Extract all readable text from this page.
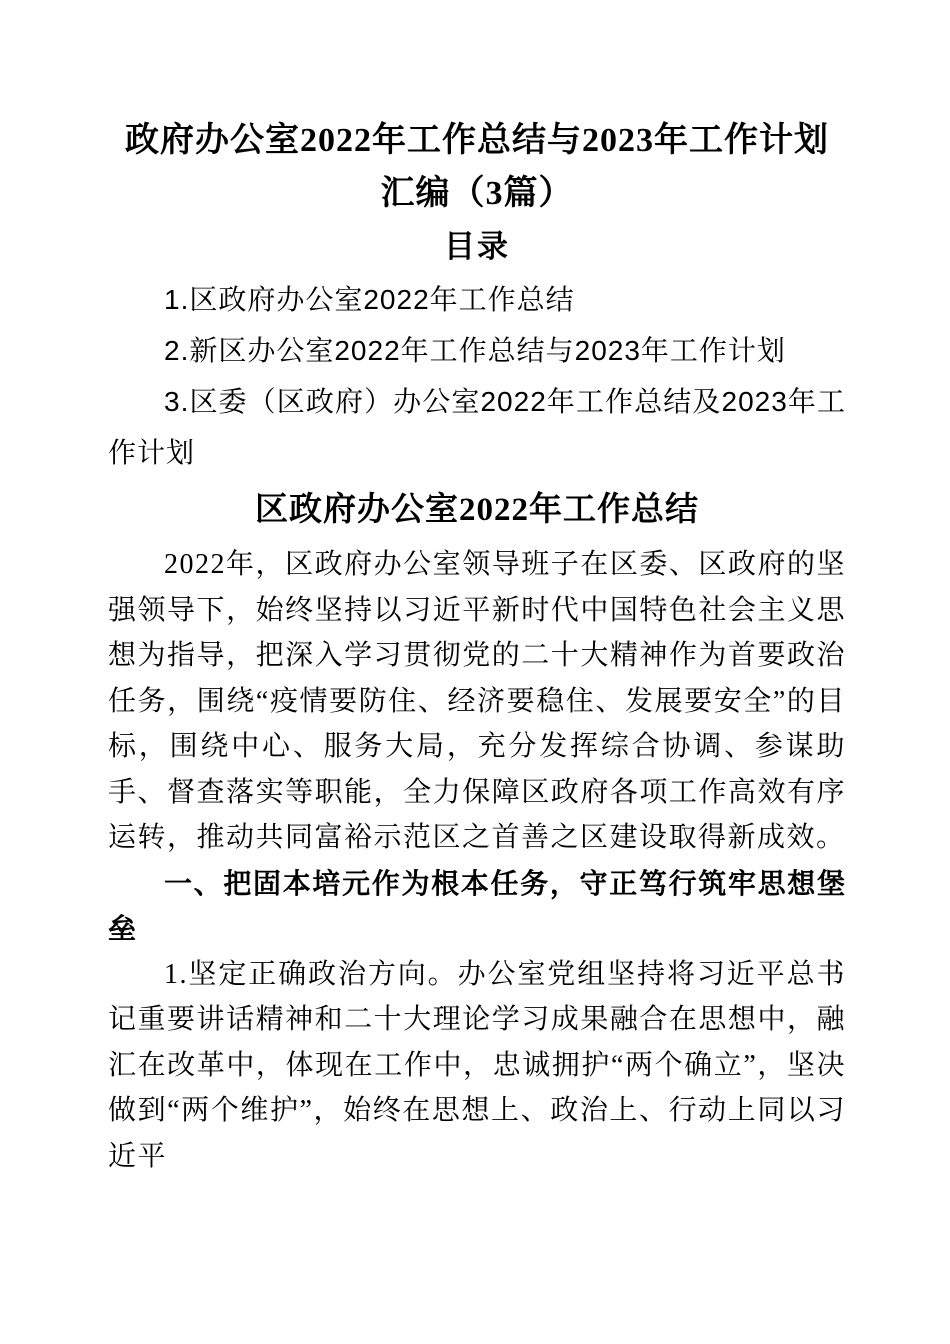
政府办公室2022年工作总结与2023年工作计划汇编（3篇）
目录
1.区政府办公室2022年工作总结
2.新区办公室2022年工作总结与2023年工作计划
3.区委（区政府）办公室2022年工作总结及2023年工作计划
区政府办公室2022年工作总结

2022年，区政府办公室领导班子在区委、区政府的坚强领导下，始终坚持以习近平新时代中国特色社会主义思想为指导，把深入学习贯彻党的二十大精神作为首要政治任务，围绕“疫情要防住、经济要稳住、发展要安全”的目标，围绕中心、服务大局，充分发挥综合协调、参谋助手、督查落实等职能，全力保障区政府各项工作高效有序运转，推动共同富裕示范区之首善之区建设取得新成效。

一、把固本培元作为根本任务，守正笃行筑牢思想堡垒

1.坚定正确政治方向。办公室党组坚持将习近平总书记重要讲话精神和二十大理论学习成果融合在思想中，融汇在改革中，体现在工作中，忠诚拥护“两个确立”，坚决做到“两个维护”，始终在思想上、政治上、行动上同以习近平
